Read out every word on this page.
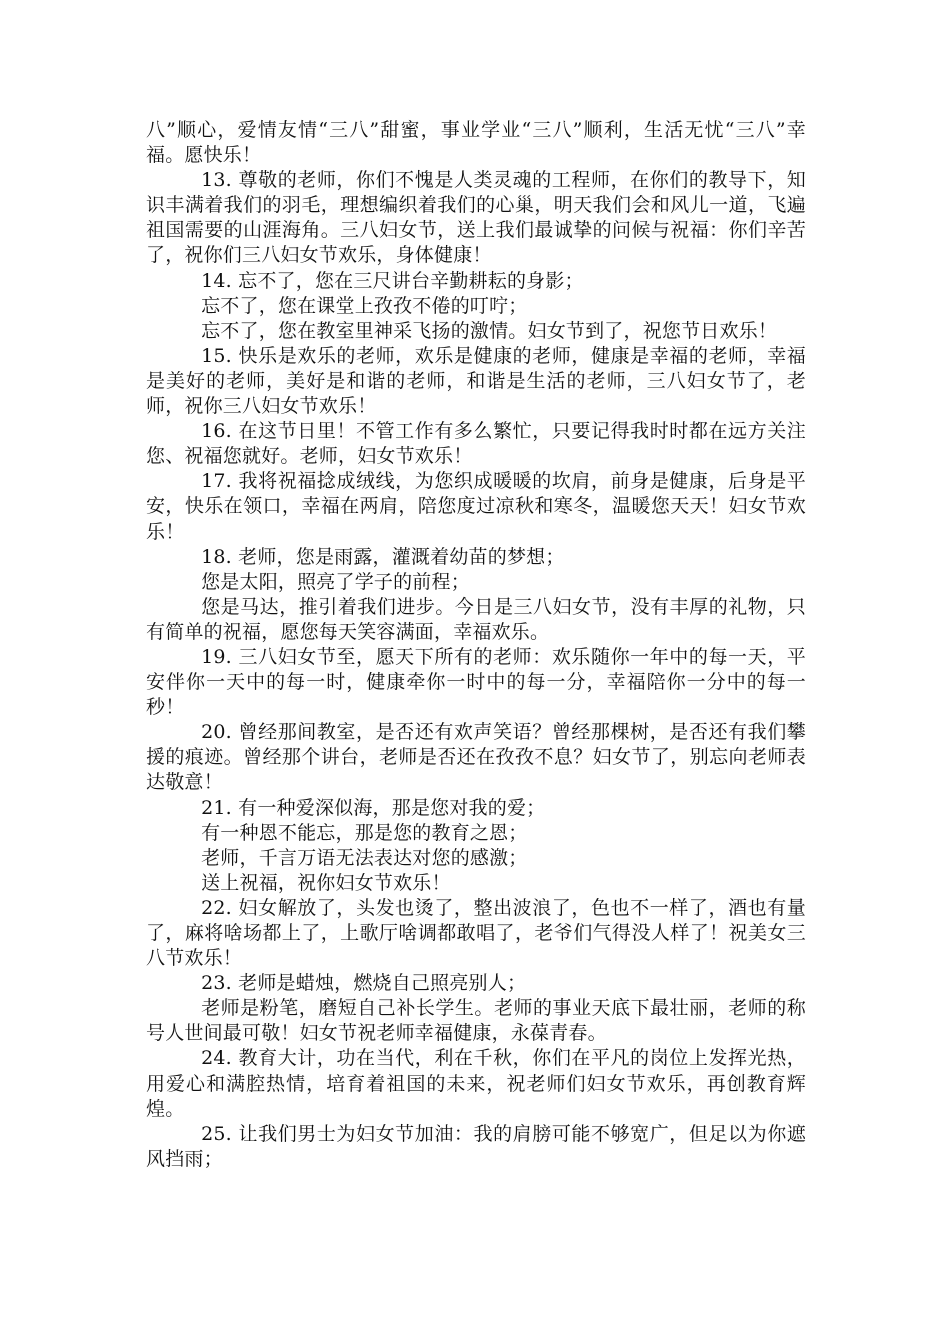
八”顺心，爱情友情“三八”甜蜜，事业学业“三八”顺利，生活无忧“三八”幸福。愿快乐！

13. 尊敬的老师，你们不愧是人类灵魂的工程师，在你们的教导下，知识丰满着我们的羽毛，理想编织着我们的心巢，明天我们会和风儿一道，飞遍祖国需要的山涯海角。三八妇女节，送上我们最诚挚的问候与祝福：你们辛苦了，祝你们三八妇女节欢乐，身体健康！

14. 忘不了，您在三尺讲台辛勤耕耘的身影；

忘不了，您在课堂上孜孜不倦的叮咛；

忘不了，您在教室里神采飞扬的激情。妇女节到了，祝您节日欢乐！

15. 快乐是欢乐的老师，欢乐是健康的老师，健康是幸福的老师，幸福是美好的老师，美好是和谐的老师，和谐是生活的老师，三八妇女节了，老师，祝你三八妇女节欢乐！

16. 在这节日里！不管工作有多么繁忙，只要记得我时时都在远方关注您、祝福您就好。老师，妇女节欢乐！

17. 我将祝福捻成绒线，为您织成暖暖的坎肩，前身是健康，后身是平安，快乐在领口，幸福在两肩，陪您度过凉秋和寒冬，温暖您天天！妇女节欢乐！

18. 老师，您是雨露，灌溉着幼苗的梦想；

您是太阳，照亮了学子的前程；

您是马达，推引着我们进步。今日是三八妇女节，没有丰厚的礼物，只有简单的祝福，愿您每天笑容满面，幸福欢乐。

19. 三八妇女节至，愿天下所有的老师：欢乐随你一年中的每一天，平安伴你一天中的每一时，健康牵你一时中的每一分，幸福陪你一分中的每一秒！

20. 曾经那间教室，是否还有欢声笑语？曾经那棵树，是否还有我们攀援的痕迹。曾经那个讲台，老师是否还在孜孜不息？妇女节了，别忘向老师表达敬意！

21. 有一种爱深似海，那是您对我的爱；

有一种恩不能忘，那是您的教育之恩；

老师，千言万语无法表达对您的感激；

送上祝福，祝你妇女节欢乐！

22. 妇女解放了，头发也烫了，整出波浪了，色也不一样了，酒也有量了，麻将啥场都上了，上歌厅啥调都敢唱了，老爷们气得没人样了！祝美女三八节欢乐！

23. 老师是蜡烛，燃烧自己照亮别人；

老师是粉笔，磨短自己补长学生。老师的事业天底下最壮丽，老师的称号人世间最可敬！妇女节祝老师幸福健康，永葆青春。

24. 教育大计，功在当代，利在千秋，你们在平凡的岗位上发挥光热，用爱心和满腔热情，培育着祖国的未来，祝老师们妇女节欢乐，再创教育辉煌。

25. 让我们男士为妇女节加油：我的肩膀可能不够宽广，但足以为你遮风挡雨；
